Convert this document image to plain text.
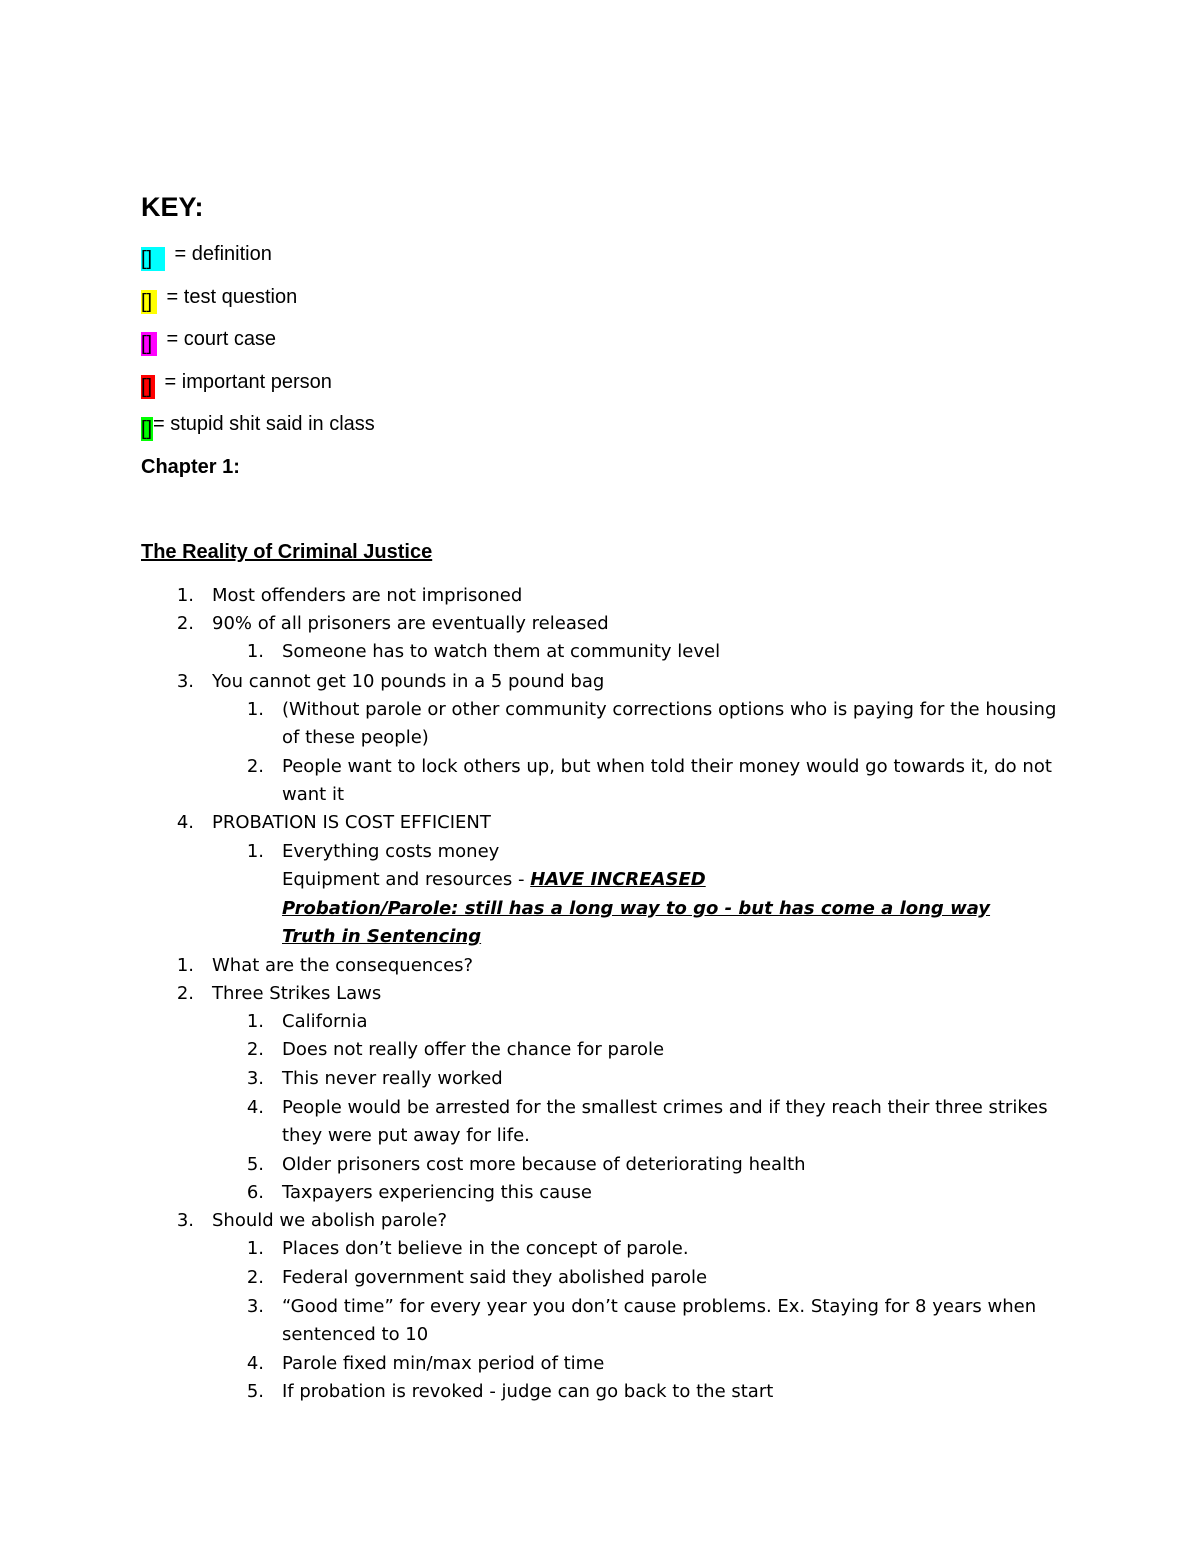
KEY:
[] = definition
[] = test question
[] = court case
[] = important person
[]= stupid shit said in class
Chapter 1:
The Reality of Criminal Justice
1. Most offenders are not imprisoned
2. 90% of all prisoners are eventually released
1. Someone has to watch them at community level
3. You cannot get 10 pounds in a 5 pound bag
1. (Without parole or other community corrections options who is paying for the housing
of these people)
2. People want to lock others up, but when told their money would go towards it, do not
want it
4. PROBATION IS COST EFFICIENT
1. Everything costs money
Equipment and resources - HAVE INCREASED
Probation/Parole: still has a long way to go - but has come a long way
Truth in Sentencing
1. What are the consequences?
2. Three Strikes Laws
1. California
2. Does not really offer the chance for parole
3. This never really worked
4. People would be arrested for the smallest crimes and if they reach their three strikes
they were put away for life.
5. Older prisoners cost more because of deteriorating health
6. Taxpayers experiencing this cause
3. Should we abolish parole?
1. Places don’t believe in the concept of parole.
2. Federal government said they abolished parole
3. “Good time” for every year you don’t cause problems. Ex. Staying for 8 years when
sentenced to 10
4. Parole fixed min/max period of time
5. If probation is revoked - judge can go back to the start
